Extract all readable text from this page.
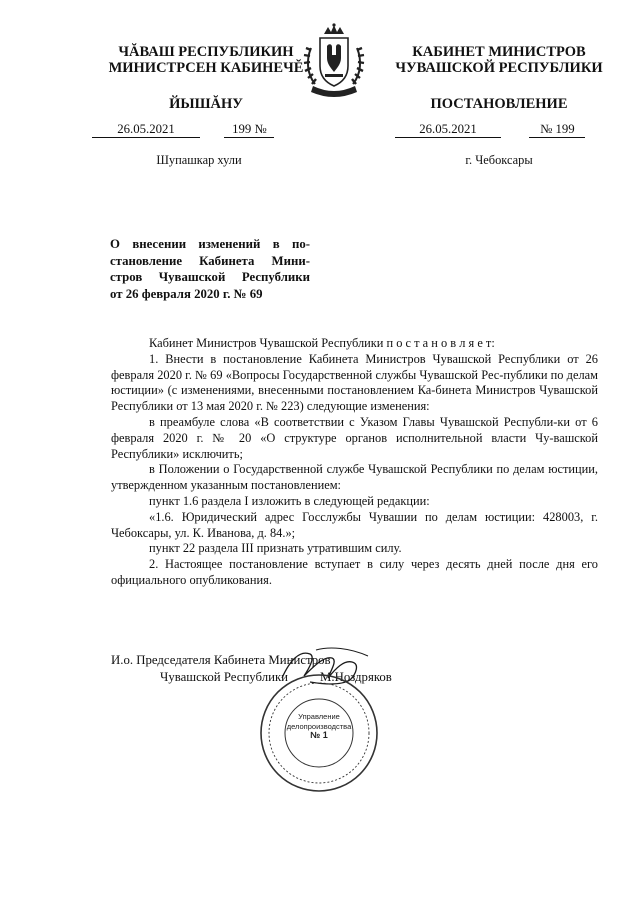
ЧĂВАШ РЕСПУБЛИКИН
МИНИСТРСЕН КАБИНЕЧĔ
КАБИНЕТ МИНИСТРОВ
ЧУВАШСКОЙ РЕСПУБЛИКИ
ЙЫШĂНУ	ПОСТАНОВЛЕНИЕ
26.05.2021	199 №	26.05.2021	№ 199
Шупашкар хули	г. Чебоксары
О внесении изменений в по-
становление Кабинета Мини-
стров Чувашской Республики
от 26 февраля 2020 г. № 69

Кабинет Министров Чувашской Республики п о с т а н о в л я е т:

1. Внести в постановление Кабинета Министров Чувашской Республики от 26 февраля 2020 г. № 69 «Вопросы Государственной службы Чувашской Рес-публики по делам юстиции» (с изменениями, внесенными постановлением Ка-бинета Министров Чувашской Республики от 13 мая 2020 г. № 223) следующие изменения:

в преамбуле слова «В соответствии с Указом Главы Чувашской Республи-ки от 6 февраля 2020 г. № 20 «О структуре органов исполнительной власти Чу-вашской Республики» исключить;

в Положении о Государственной службе Чувашской Республики по делам юстиции, утвержденном указанным постановлением:

пункт 1.6 раздела I изложить в следующей редакции:

«1.6. Юридический адрес Госслужбы Чувашии по делам юстиции: 428003, г. Чебоксары, ул. К. Иванова, д. 84.»;

пункт 22 раздела III признать утратившим силу.

2. Настоящее постановление вступает в силу через десять дней после дня его официального опубликования.

И.о. Председателя Кабинета Министров
Чувашской Республики М.Ноздряков
Управление
делопроизводства
№ 1
